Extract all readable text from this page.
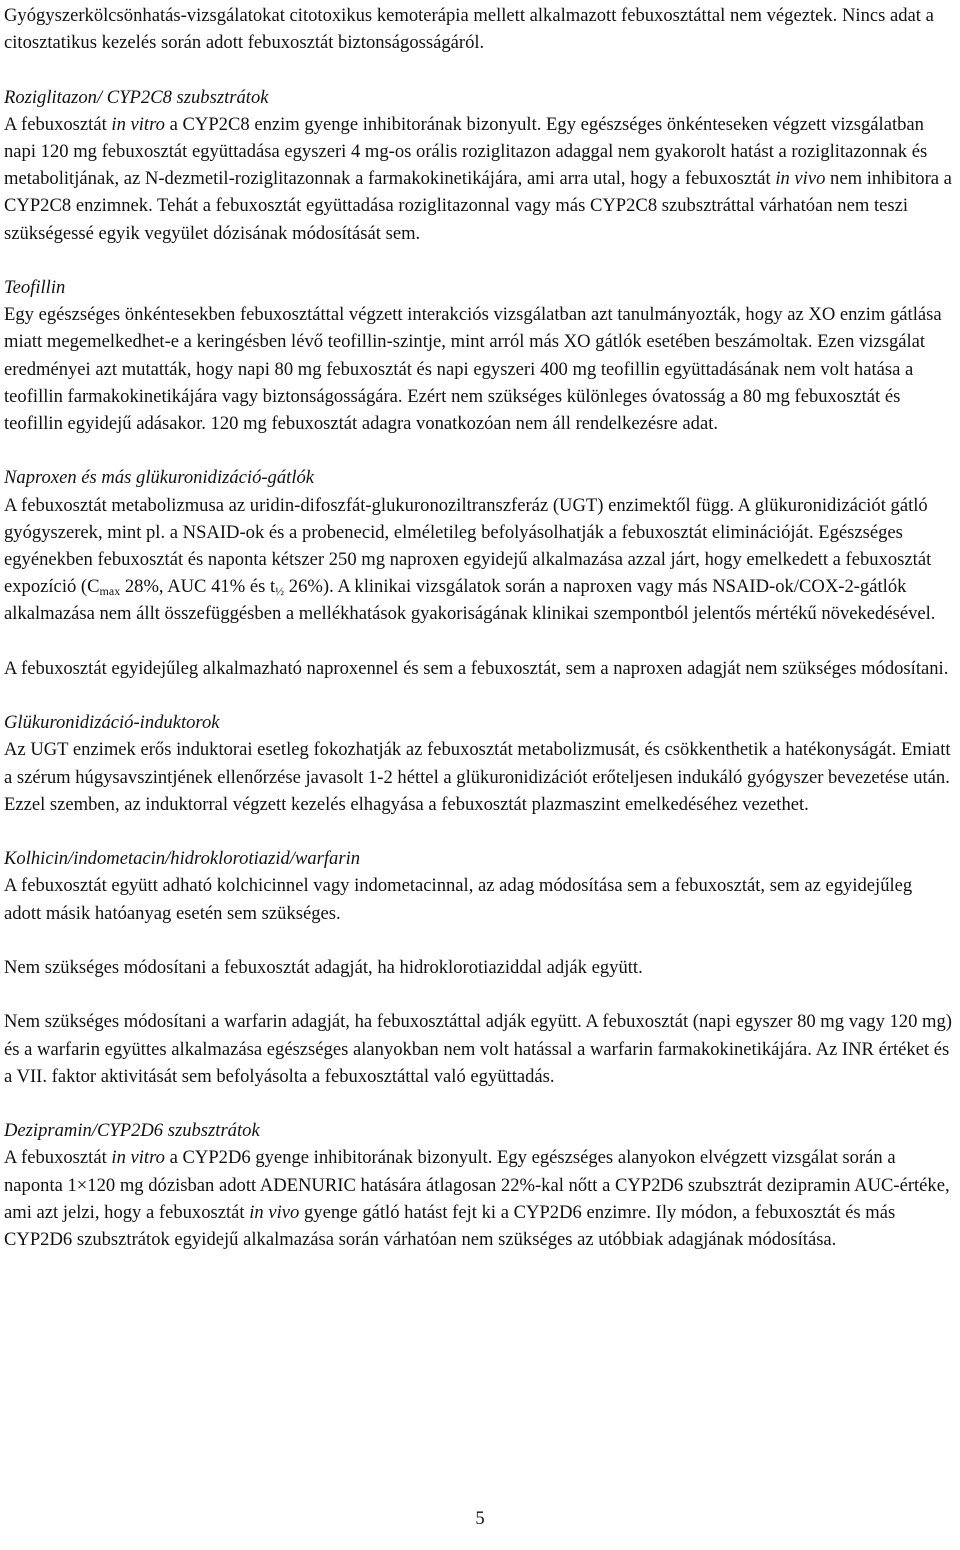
Gyógyszerkölcsönhatás-vizsgálatokat citotoxikus kemoterápia mellett alkalmazott febuxosztáttal nem végeztek. Nincs adat a citosztatikus kezelés során adott febuxosztát biztonságosságáról.

Roziglitazon/ CYP2C8 szubsztrátok

A febuxosztát in vitro a CYP2C8 enzim gyenge inhibitorának bizonyult. Egy egészséges önkénteseken végzett vizsgálatban napi 120 mg febuxosztát együttadása egyszeri 4 mg-os orális roziglitazon adaggal nem gyakorolt hatást a roziglitazonnak és metabolitjának, az N-dezmetil-roziglitazonnak a farmakokinetikájára, ami arra utal, hogy a febuxosztát in vivo nem inhibitora a CYP2C8 enzimnek. Tehát a febuxosztát együttadása roziglitazonnal vagy más CYP2C8 szubsztráttal várhatóan nem teszi szükségessé egyik vegyület dózisának módosítását sem.

Teofillin

Egy egészséges önkéntesekben febuxosztáttal végzett interakciós vizsgálatban azt tanulmányozták, hogy az XO enzim gátlása miatt megemelkedhet-e a keringésben lévő teofillin-szintje, mint arról más XO gátlók esetében beszámoltak. Ezen vizsgálat eredményei azt mutatták, hogy napi 80 mg febuxosztát és napi egyszeri 400 mg teofillin együttadásának nem volt hatása a teofillin farmakokinetikájára vagy biztonságosságára. Ezért nem szükséges különleges óvatosság a 80 mg febuxosztát és teofillin egyidejű adásakor. 120 mg febuxosztát adagra vonatkozóan nem áll rendelkezésre adat.

Naproxen és más glükuronidizáció-gátlók

A febuxosztát metabolizmusa az uridin-difoszfát-glukuronoziltranszferáz (UGT) enzimektől függ. A glükuronidizációt gátló gyógyszerek, mint pl. a NSAID-ok és a probenecid, elméletileg befolyásolhatják a febuxosztát eliminációját. Egészséges egyénekben febuxosztát és naponta kétszer 250 mg naproxen egyidejű alkalmazása azzal járt, hogy emelkedett a febuxosztát expozíció ($C_{max}$ 28%, AUC 41% és $t_{\frac{1}{2}}$ 26%). A klinikai vizsgálatok során a naproxen vagy más NSAID-ok/COX-2-gátlók alkalmazása nem állt összefüggésben a mellékhatások gyakoriságának klinikai szempontból jelentős mértékű növekedésével.

A febuxosztát egyidejűleg alkalmazható naproxennel és sem a febuxosztát, sem a naproxen adagját nem szükséges módosítani.

Glükuronidizáció-induktorok

Az UGT enzimek erős induktorai esetleg fokozhatják az febuxosztát metabolizmusát, és csökkenthetik a hatékonyságát. Emiatt a szérum húgysavszintjének ellenőrzése javasolt 1-2 héttel a glükuronidizációt erőteljesen indukáló gyógyszer bevezetése után. Ezzel szemben, az induktorral végzett kezelés elhagyása a febuxosztát plazmaszint emelkedéséhez vezethet.

Kolhicin/indometacin/hidroklorotiazid/warfarin

A febuxosztát együtt adható kolchicinnel vagy indometacinnal, az adag módosítása sem a febuxosztát, sem az egyidejűleg adott másik hatóanyag esetén sem szükséges.

Nem szükséges módosítani a febuxosztát adagját, ha hidroklorotiaziddal adják együtt.

Nem szükséges módosítani a warfarin adagját, ha febuxosztáttal adják együtt. A febuxosztát (napi egyszer 80 mg vagy 120 mg) és a warfarin együttes alkalmazása egészséges alanyokban nem volt hatással a warfarin farmakokinetikájára. Az INR értéket és a VII. faktor aktivitását sem befolyásolta a febuxosztáttal való együttadás.

Dezipramin/CYP2D6 szubsztrátok

A febuxosztát in vitro a CYP2D6 gyenge inhibitorának bizonyult. Egy egészséges alanyokon elvégzett vizsgálat során a naponta 1×120 mg dózisban adott ADENURIC hatására átlagosan 22%-kal nőtt a CYP2D6 szubsztrát dezipramin AUC-értéke, ami azt jelzi, hogy a febuxosztát in vivo gyenge gátló hatást fejt ki a CYP2D6 enzimre. Ily módon, a febuxosztát és más CYP2D6 szubsztrátok egyidejű alkalmazása során várhatóan nem szükséges az utóbbiak adagjának módosítása.

5
